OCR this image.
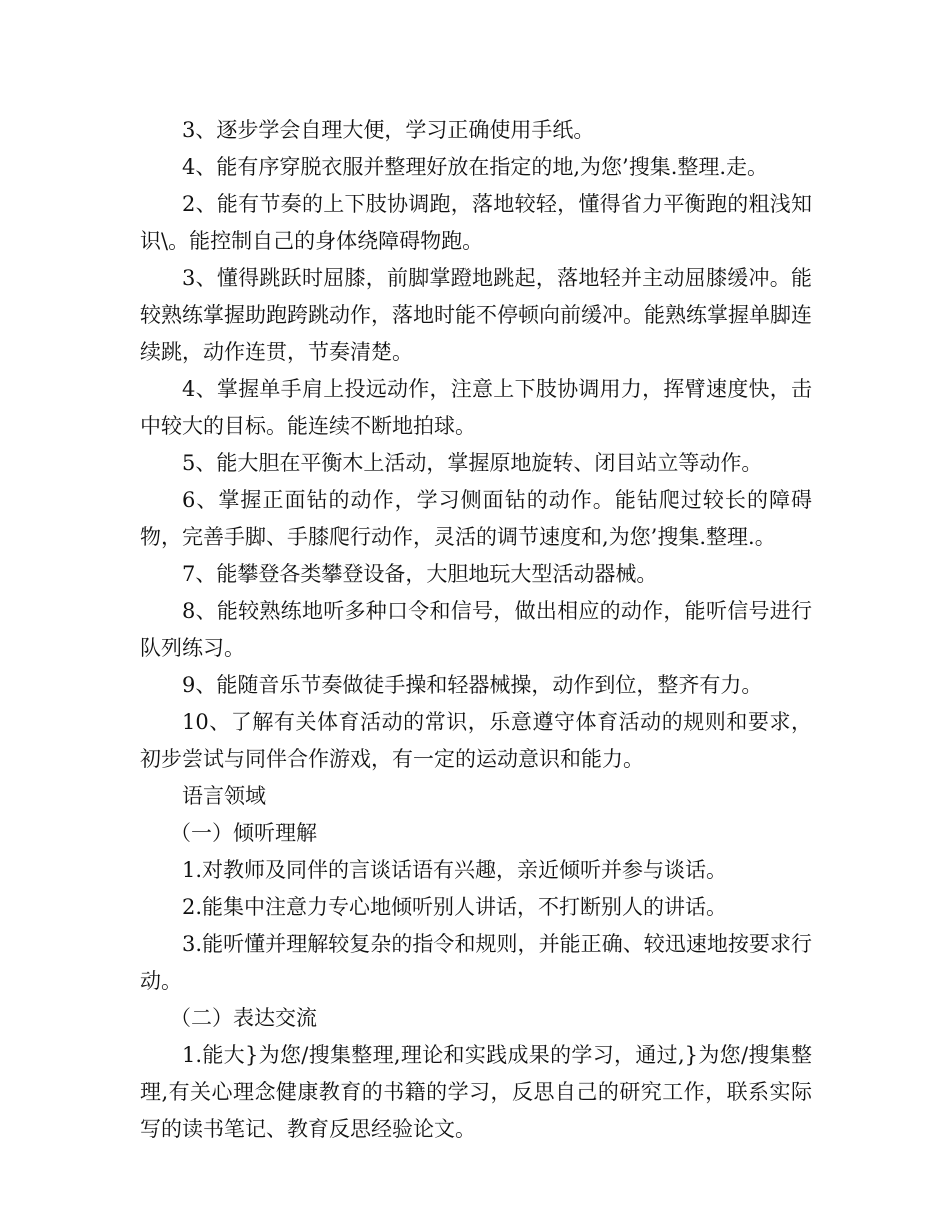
3、逐步学会自理大便，学习正确使用手纸。

4、能有序穿脱衣服并整理好放在指定的地,为您’搜集.整理.走。

2、能有节奏的上下肢协调跑，落地较轻，懂得省力平衡跑的粗浅知识\。能控制自己的身体绕障碍物跑。

3、懂得跳跃时屈膝，前脚掌蹬地跳起，落地轻并主动屈膝缓冲。能较熟练掌握助跑跨跳动作，落地时能不停顿向前缓冲。能熟练掌握单脚连续跳，动作连贯，节奏清楚。

4、掌握单手肩上投远动作，注意上下肢协调用力，挥臂速度快，击中较大的目标。能连续不断地拍球。

5、能大胆在平衡木上活动，掌握原地旋转、闭目站立等动作。

6、掌握正面钻的动作，学习侧面钻的动作。能钻爬过较长的障碍物，完善手脚、手膝爬行动作，灵活的调节速度和,为您’搜集.整理.。

7、能攀登各类攀登设备，大胆地玩大型活动器械。

8、能较熟练地听多种口令和信号，做出相应的动作，能听信号进行队列练习。

9、能随音乐节奏做徒手操和轻器械操，动作到位，整齐有力。

10、了解有关体育活动的常识，乐意遵守体育活动的规则和要求，初步尝试与同伴合作游戏，有一定的运动意识和能力。

语言领域

（一）倾听理解

1.对教师及同伴的言谈话语有兴趣，亲近倾听并参与谈话。

2.能集中注意力专心地倾听别人讲话，不打断别人的讲话。

3.能听懂并理解较复杂的指令和规则，并能正确、较迅速地按要求行动。

（二）表达交流

1.能大}为您/搜集整理,理论和实践成果的学习，通过,}为您/搜集整理,有关心理念健康教育的书籍的学习，反思自己的研究工作，联系实际写的读书笔记、教育反思经验论文。
